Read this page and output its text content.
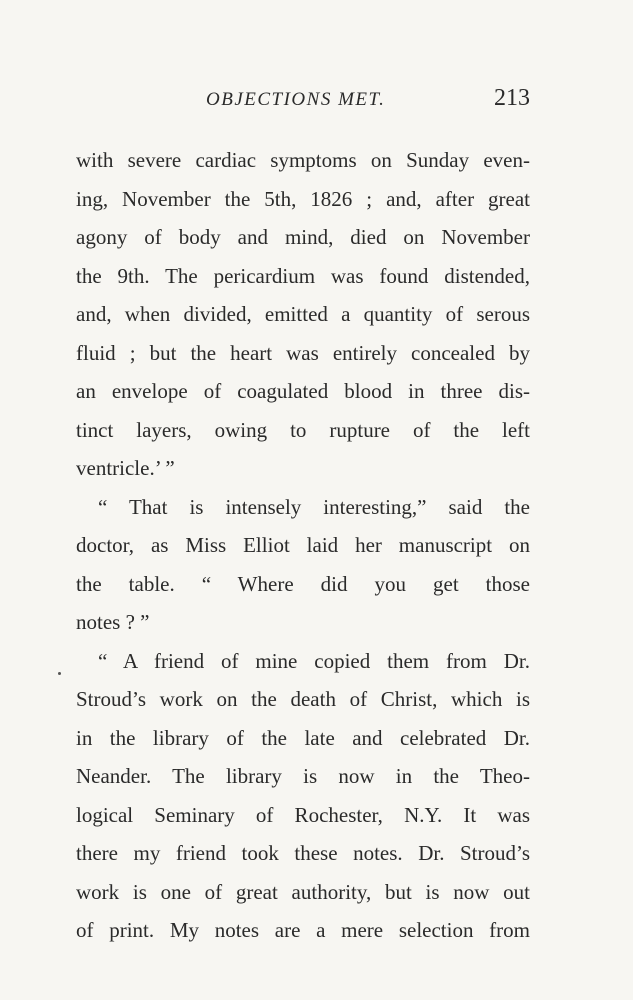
OBJECTIONS MET.	213
with severe cardiac symptoms on Sunday even-
ing, November the 5th, 1826 ; and, after great
agony of body and mind, died on November
the 9th. The pericardium was found distended,
and, when divided, emitted a quantity of serous
fluid ; but the heart was entirely concealed by
an envelope of coagulated blood in three dis-
tinct layers, owing to rupture of the left
ventricle.’ ”
“ That is intensely interesting,” said the
doctor, as Miss Elliot laid her manuscript on
the table. “ Where did you get those
notes ? ”
“ A friend of mine copied them from Dr.
Stroud’s work on the death of Christ, which is
in the library of the late and celebrated Dr.
Neander. The library is now in the Theo-
logical Seminary of Rochester, N.Y. It was
there my friend took these notes. Dr. Stroud’s
work is one of great authority, but is now out
of print. My notes are a mere selection from
